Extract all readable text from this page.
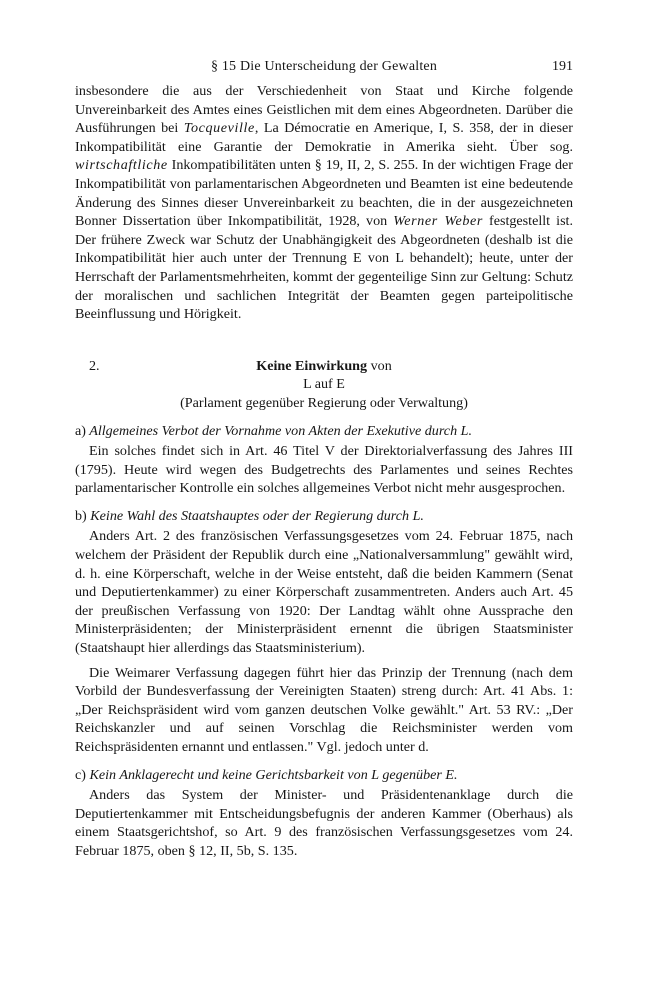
§ 15 Die Unterscheidung der Gewalten	191

insbesondere die aus der Verschiedenheit von Staat und Kirche folgende Unvereinbarkeit des Amtes eines Geistlichen mit dem eines Abgeordneten. Darüber die Ausführungen bei Tocqueville, La Démocratie en Amerique, I, S. 358, der in dieser Inkompatibilität eine Garantie der Demokratie in Amerika sieht. Über sog. wirtschaftliche Inkompatibilitäten unten § 19, II, 2, S. 255. In der wichtigen Frage der Inkompatibilität von parlamentarischen Abgeordneten und Beamten ist eine bedeutende Änderung des Sinnes dieser Unvereinbarkeit zu beachten, die in der ausgezeichneten Bonner Dissertation über Inkompatibilität, 1928, von Werner Weber festgestellt ist. Der frühere Zweck war Schutz der Unabhängigkeit des Abgeordneten (deshalb ist die Inkompatibilität hier auch unter der Trennung E von L behandelt); heute, unter der Herrschaft der Parlamentsmehrheiten, kommt der gegenteilige Sinn zur Geltung: Schutz der moralischen und sachlichen Integrität der Beamten gegen parteipolitische Beeinflussung und Hörigkeit.

2.	Keine Einwirkung von
L auf E
(Parlament gegenüber Regierung oder Verwaltung)
a) Allgemeines Verbot der Vornahme von Akten der Exekutive durch L.

Ein solches findet sich in Art. 46 Titel V der Direktorialverfassung des Jahres III (1795). Heute wird wegen des Budgetrechts des Parlamentes und seines Rechtes parlamentarischer Kontrolle ein solches allgemeines Verbot nicht mehr ausgesprochen.

b) Keine Wahl des Staatshauptes oder der Regierung durch L.

Anders Art. 2 des französischen Verfassungsgesetzes vom 24. Februar 1875, nach welchem der Präsident der Republik durch eine „Nationalversammlung" gewählt wird, d. h. eine Körperschaft, welche in der Weise entsteht, daß die beiden Kammern (Senat und Deputiertenkammer) zu einer Körperschaft zusammentreten. Anders auch Art. 45 der preußischen Verfassung von 1920: Der Landtag wählt ohne Aussprache den Ministerpräsidenten; der Ministerpräsident ernennt die übrigen Staatsminister (Staatshaupt hier allerdings das Staatsministerium).

Die Weimarer Verfassung dagegen führt hier das Prinzip der Trennung (nach dem Vorbild der Bundesverfassung der Vereinigten Staaten) streng durch: Art. 41 Abs. 1: „Der Reichspräsident wird vom ganzen deutschen Volke gewählt." Art. 53 RV.: „Der Reichskanzler und auf seinen Vorschlag die Reichsminister werden vom Reichspräsidenten ernannt und entlassen." Vgl. jedoch unter d.

c) Kein Anklagerecht und keine Gerichtsbarkeit von L gegenüber E.

Anders das System der Minister- und Präsidentenanklage durch die Deputiertenkammer mit Entscheidungsbefugnis der anderen Kammer (Oberhaus) als einem Staatsgerichtshof, so Art. 9 des französischen Verfassungsgesetzes vom 24. Februar 1875, oben § 12, II, 5b, S. 135.
